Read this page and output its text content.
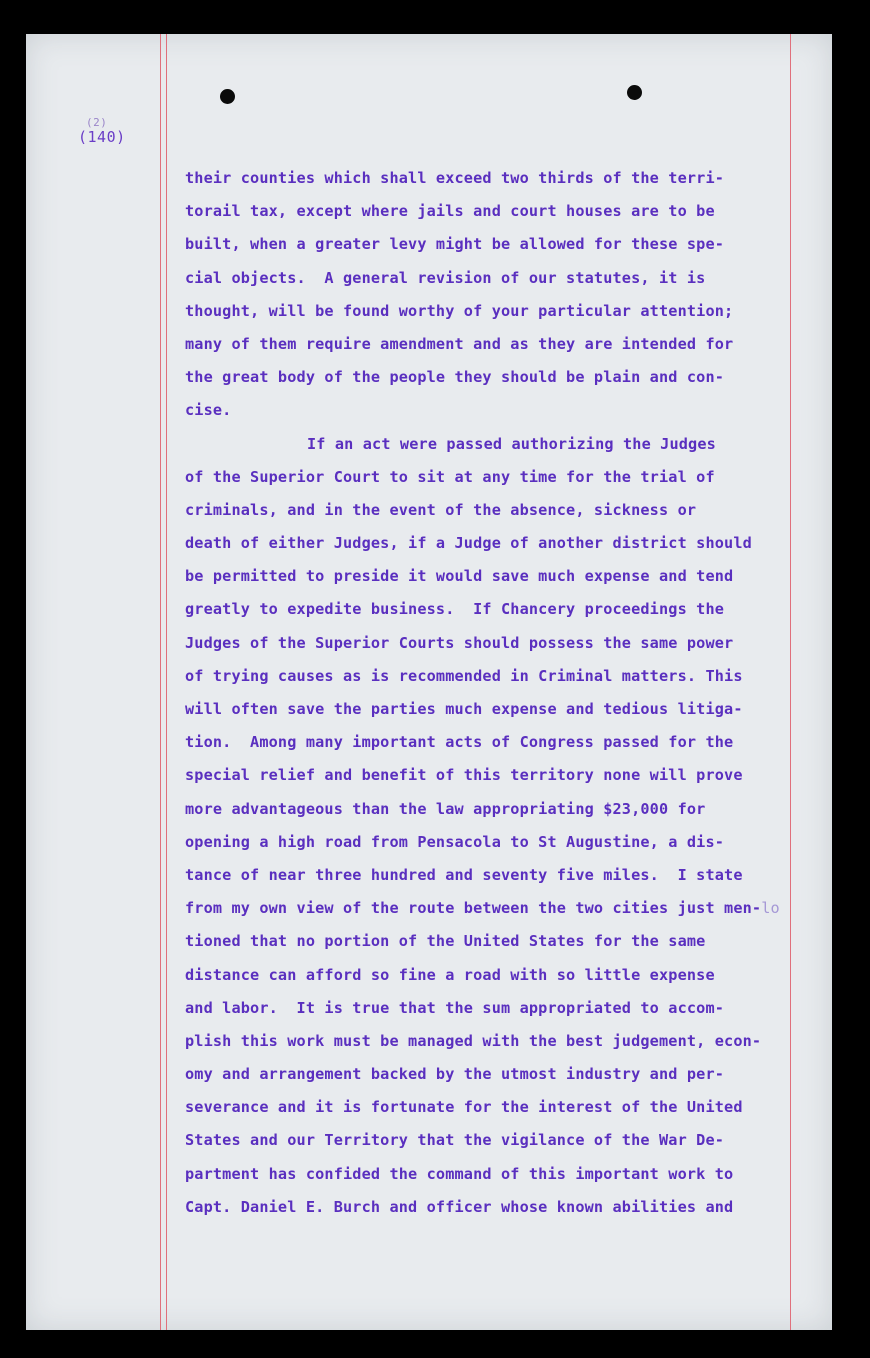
(2)
(140)
their counties which shall exceed two thirds of the terri-
torail tax, except where jails and court houses are to be
built, when a greater levy might be allowed for these spe-
cial objects.  A general revision of our statutes, it is
thought, will be found worthy of your particular attention;
many of them require amendment and as they are intended for
the great body of the people they should be plain and con-
cise.
If an act were passed authorizing the Judges
of the Superior Court to sit at any time for the trial of
criminals, and in the event of the absence, sickness or
death of either Judges, if a Judge of another district should
be permitted to preside it would save much expense and tend
greatly to expedite business.  If Chancery proceedings the
Judges of the Superior Courts should possess the same power
of trying causes as is recommended in Criminal matters. This
will often save the parties much expense and tedious litiga-
tion.  Among many important acts of Congress passed for the
special relief and benefit of this territory none will prove
more advantageous than the law appropriating $23,000 for
opening a high road from Pensacola to St Augustine, a dis-
tance of near three hundred and seventy five miles.  I state
from my own view of the route between the two cities just men-lo
tioned that no portion of the United States for the same
distance can afford so fine a road with so little expense
and labor.  It is true that the sum appropriated to accom-
plish this work must be managed with the best judgement, econ-
omy and arrangement backed by the utmost industry and per-
severance and it is fortunate for the interest of the United
States and our Territory that the vigilance of the War De-
partment has confided the command of this important work to
Capt. Daniel E. Burch and officer whose known abilities and
